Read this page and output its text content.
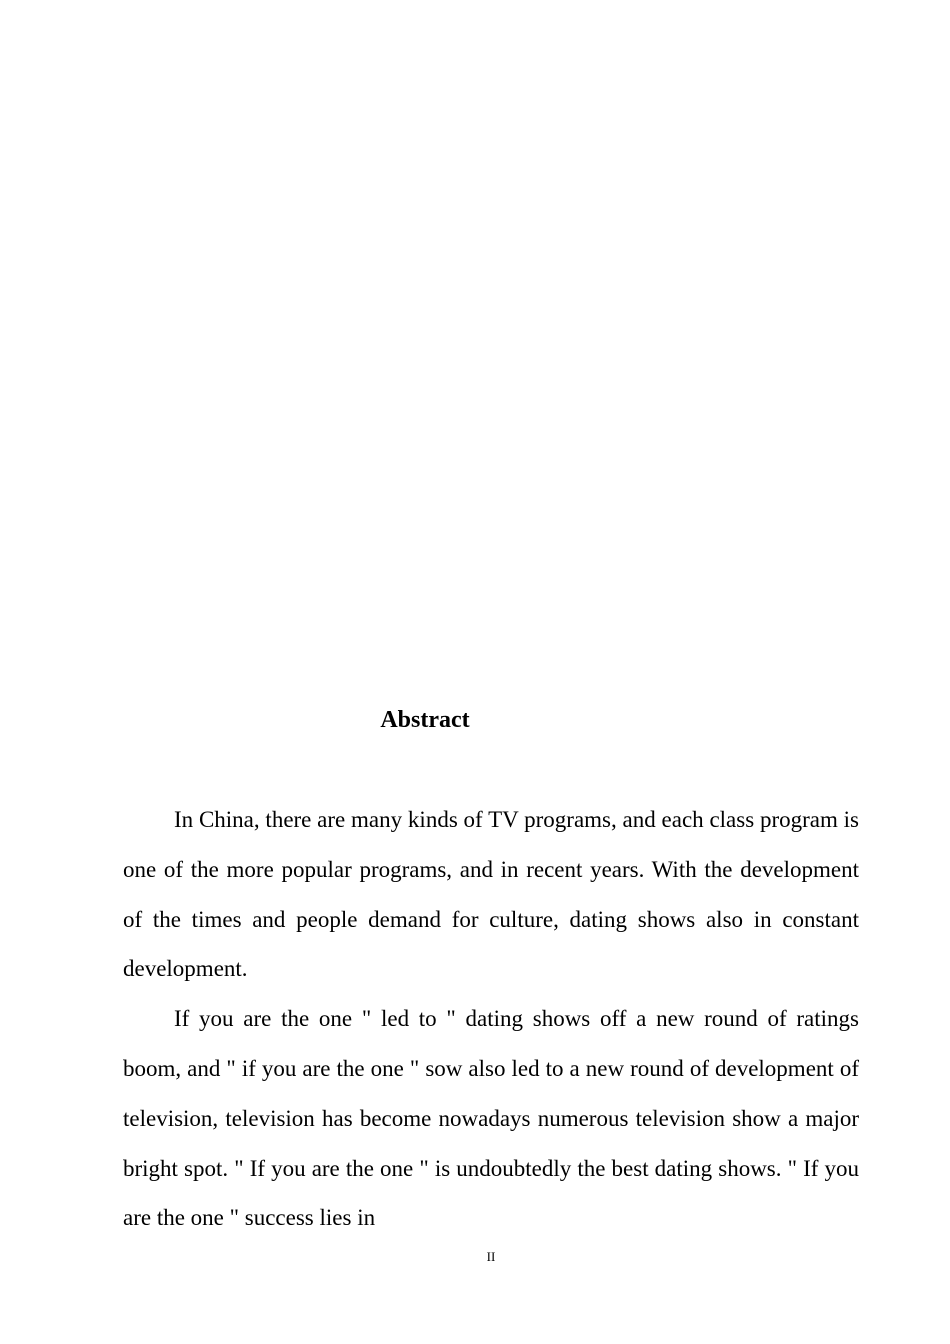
Abstract

In China, there are many kinds of TV programs, and each class program is one of the more popular programs, and in recent years. With the development of the times and people demand for culture, dating shows also in constant development.

If you are the one " led to " dating shows off a new round of ratings boom, and " if you are the one " sow also led to a new round of development of television, television has become nowadays numerous television show a major bright spot. " If you are the one " is undoubtedly the best dating shows. " If you are the one " success lies in

II
